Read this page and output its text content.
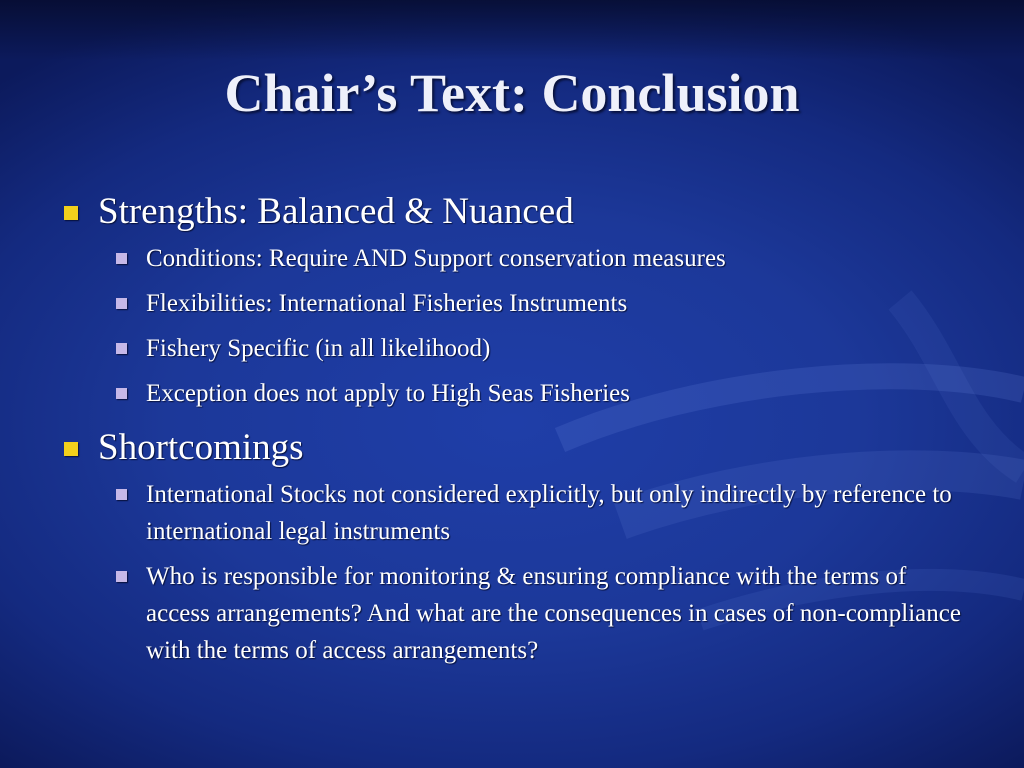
Chair’s Text: Conclusion
Strengths: Balanced & Nuanced
Conditions: Require AND Support conservation measures
Flexibilities: International Fisheries Instruments
Fishery Specific (in all likelihood)
Exception does not apply to High Seas Fisheries
Shortcomings
International Stocks not considered explicitly, but only indirectly by reference to international legal instruments
Who is responsible for monitoring & ensuring compliance with the terms of access arrangements? And what are the consequences in cases of non-compliance with the terms of access arrangements?
